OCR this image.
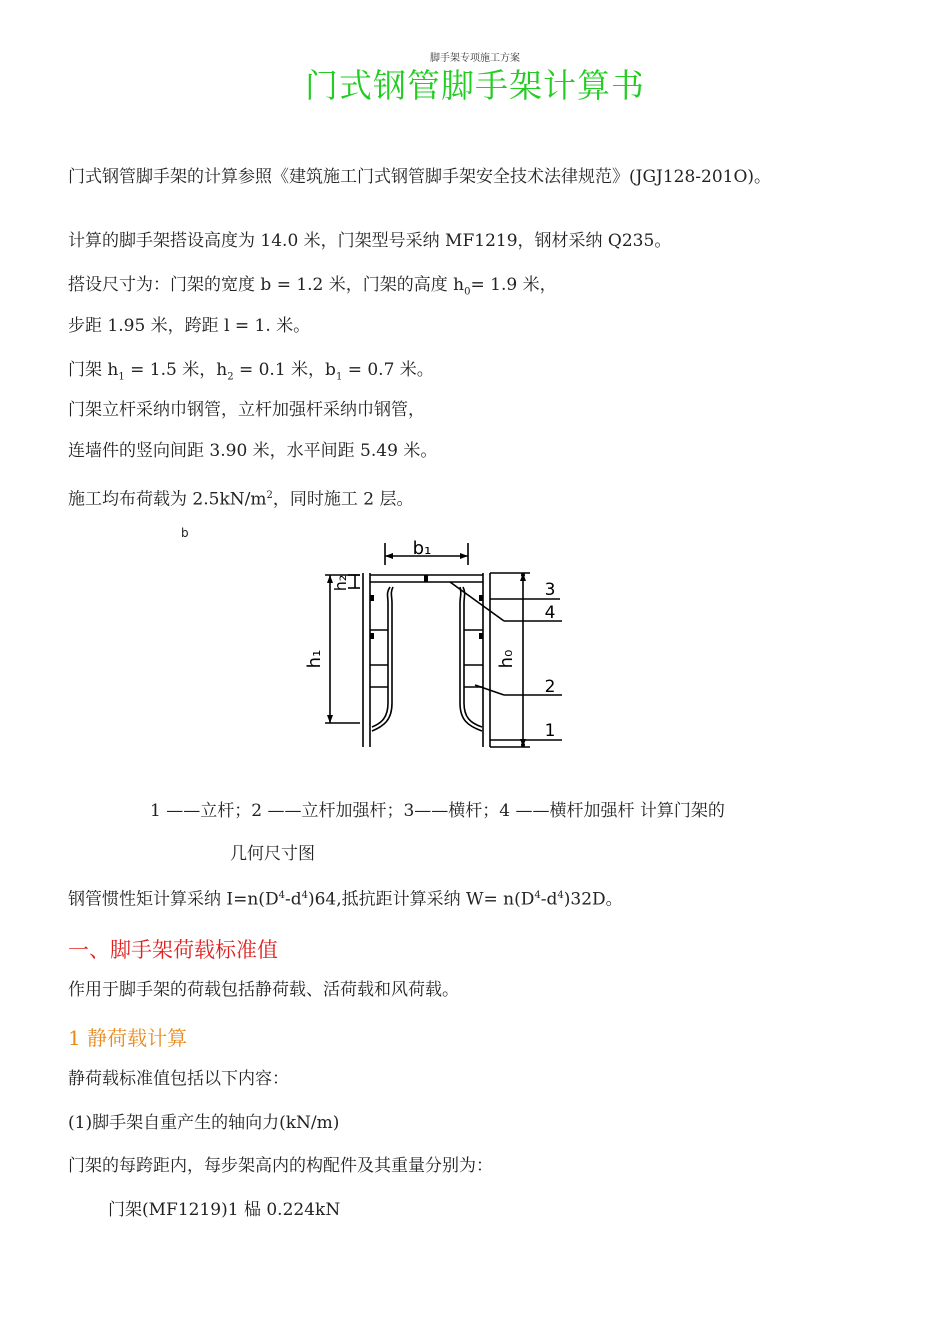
脚手架专项施工方案
门式钢管脚手架计算书
门式钢管脚手架的计算参照《建筑施工门式钢管脚手架安全技术法律规范》(JGJ128-201O)。
计算的脚手架搭设高度为 14.0 米，门架型号采纳 MF1219，钢材采纳 Q235。
搭设尺寸为：门架的宽度 b = 1.2 米，门架的高度 $h_0= 1.9$ 米，
步距 1.95 米，跨距 l = 1. 米。
门架 $h_1 = 1.5$ 米，$h_2 = 0.1$ 米，$b_1 = 0.7$ 米。
门架立杆采纳巾钢管，立杆加强杆采纳巾钢管，
连墙件的竖向间距 3.90 米，水平间距 5.49 米。
施工均布荷载为 $2.5kN/m^2$，同时施工 2 层。
b
b₁
h₂
h₁	h₀
3
4
2
1
1 ——立杆；2 ——立杆加强杆；3——横杆；4 ——横杆加强杆 计算门架的
几何尺寸图
钢管惯性矩计算采纳 $I=n(D^4-d^4)64$,抵抗距计算采纳 $W= n(D^4-d^4)32D$。
一、脚手架荷载标准值
作用于脚手架的荷载包括静荷载、活荷载和风荷载。
1 静荷载计算
静荷载标准值包括以下内容：
(1)脚手架自重产生的轴向力(kN/m)
门架的每跨距内，每步架高内的构配件及其重量分别为：
门架(MF1219)1 榀 0.224kN
